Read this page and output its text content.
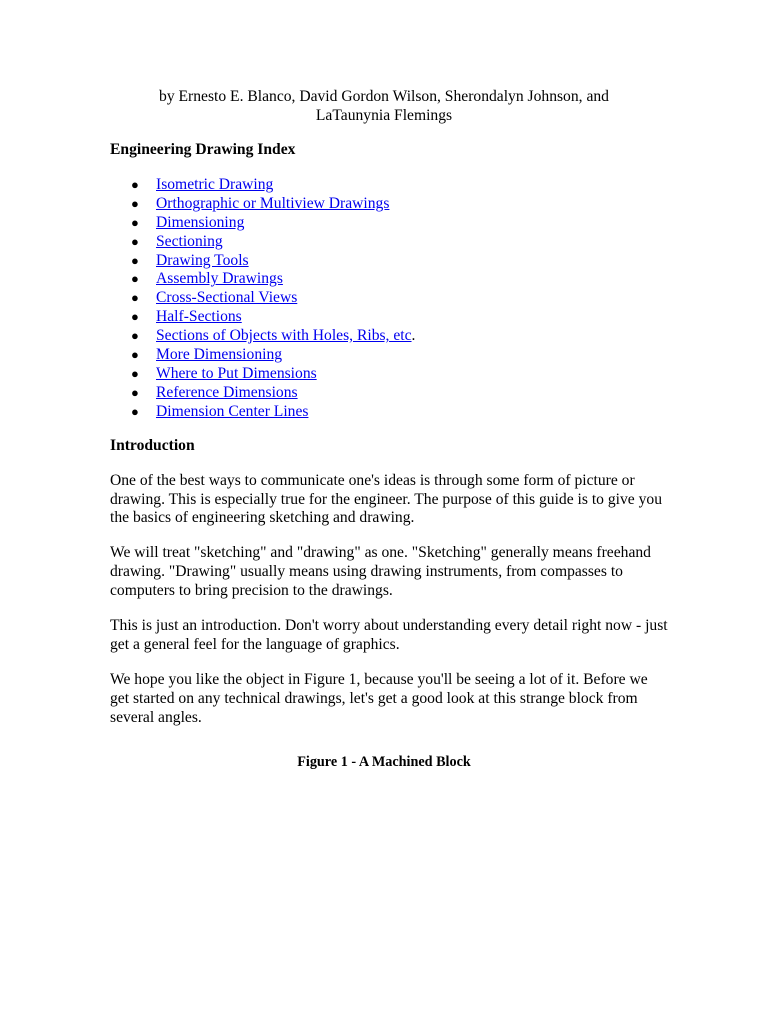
by Ernesto E. Blanco, David Gordon Wilson, Sherondalyn Johnson, and
LaTaunynia Flemings

Engineering Drawing Index

● Isometric Drawing
● Orthographic or Multiview Drawings
● Dimensioning
● Sectioning
● Drawing Tools
● Assembly Drawings
● Cross-Sectional Views
● Half-Sections
● Sections of Objects with Holes, Ribs, etc.
● More Dimensioning
● Where to Put Dimensions
● Reference Dimensions
● Dimension Center Lines

Introduction

One of the best ways to communicate one's ideas is through some form of picture or drawing. This is especially true for the engineer. The purpose of this guide is to give you the basics of engineering sketching and drawing.

We will treat "sketching" and "drawing" as one. "Sketching" generally means freehand drawing. "Drawing" usually means using drawing instruments, from compasses to computers to bring precision to the drawings.

This is just an introduction. Don't worry about understanding every detail right now - just get a general feel for the language of graphics.

We hope you like the object in Figure 1, because you'll be seeing a lot of it. Before we get started on any technical drawings, let's get a good look at this strange block from several angles.

Figure 1 - A Machined Block
